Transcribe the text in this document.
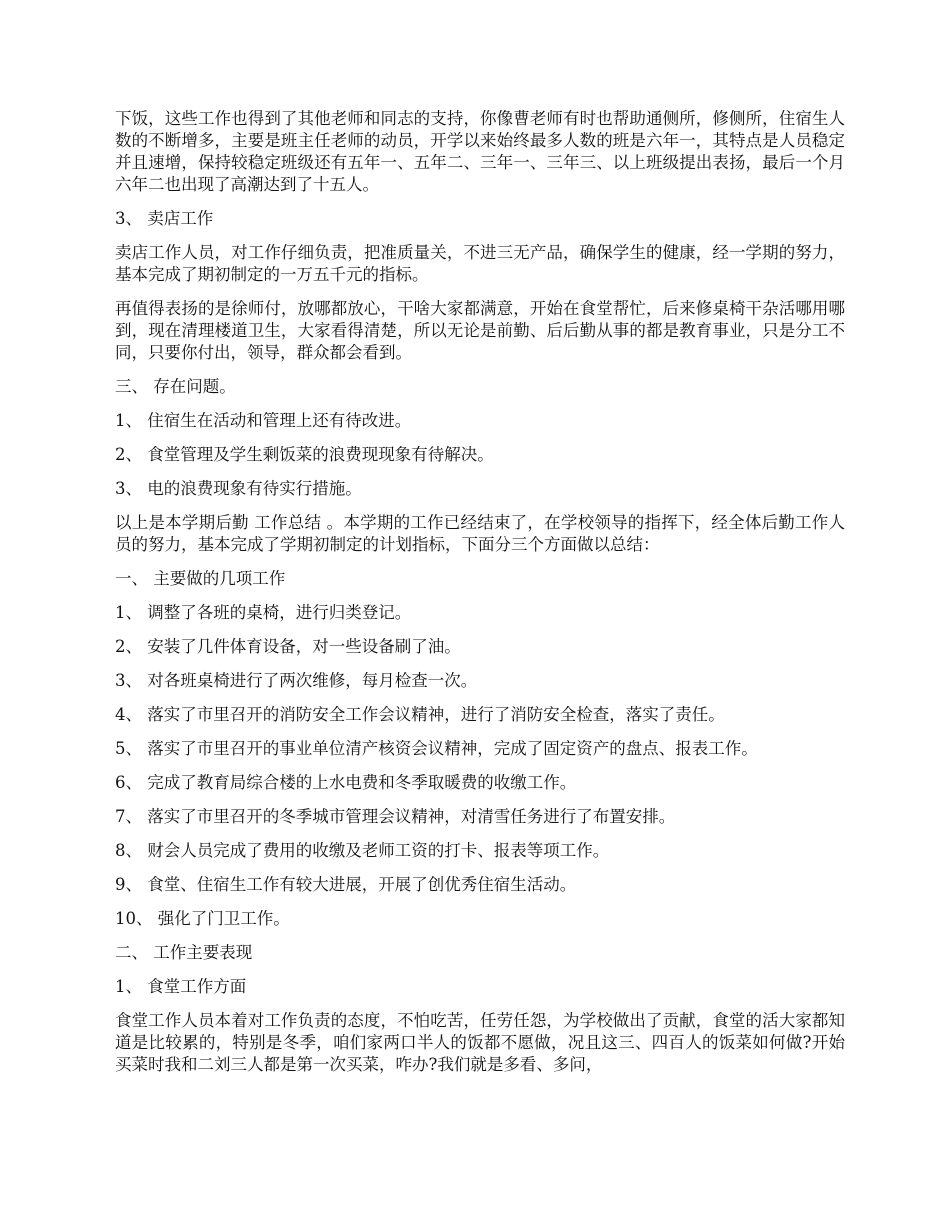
下饭，这些工作也得到了其他老师和同志的支持，你像曹老师有时也帮助通侧所，修侧所，住宿生人数的不断增多，主要是班主任老师的动员，开学以来始终最多人数的班是六年一，其特点是人员稳定并且速增，保持较稳定班级还有五年一、五年二、三年一、三年三、以上班级提出表扬，最后一个月六年二也出现了高潮达到了十五人。

3、 卖店工作

卖店工作人员，对工作仔细负责，把准质量关，不进三无产品，确保学生的健康，经一学期的努力，基本完成了期初制定的一万五千元的指标。

再值得表扬的是徐师付，放哪都放心，干啥大家都满意，开始在食堂帮忙，后来修桌椅干杂活哪用哪到，现在清理楼道卫生，大家看得清楚，所以无论是前勤、后后勤从事的都是教育事业，只是分工不同，只要你付出，领导，群众都会看到。

三、 存在问题。

1、 住宿生在活动和管理上还有待改进。

2、 食堂管理及学生剩饭菜的浪费现现象有待解决。

3、 电的浪费现象有待实行措施。

以上是本学期后勤 工作总结 。本学期的工作已经结束了，在学校领导的指挥下，经全体后勤工作人员的努力，基本完成了学期初制定的计划指标，下面分三个方面做以总结：

一、 主要做的几项工作

1、 调整了各班的桌椅，进行归类登记。

2、 安装了几件体育设备，对一些设备刷了油。

3、 对各班桌椅进行了两次维修，每月检查一次。

4、 落实了市里召开的消防安全工作会议精神，进行了消防安全检查，落实了责任。

5、 落实了市里召开的事业单位清产核资会议精神，完成了固定资产的盘点、报表工作。

6、 完成了教育局综合楼的上水电费和冬季取暖费的收缴工作。

7、 落实了市里召开的冬季城市管理会议精神，对清雪任务进行了布置安排。

8、 财会人员完成了费用的收缴及老师工资的打卡、报表等项工作。

9、 食堂、住宿生工作有较大进展，开展了创优秀住宿生活动。

10、 强化了门卫工作。

二、 工作主要表现

1、 食堂工作方面

食堂工作人员本着对工作负责的态度，不怕吃苦，任劳任怨，为学校做出了贡献，食堂的活大家都知道是比较累的，特别是冬季，咱们家两口半人的饭都不愿做，况且这三、四百人的饭菜如何做?开始买菜时我和二刘三人都是第一次买菜，咋办?我们就是多看、多问，
